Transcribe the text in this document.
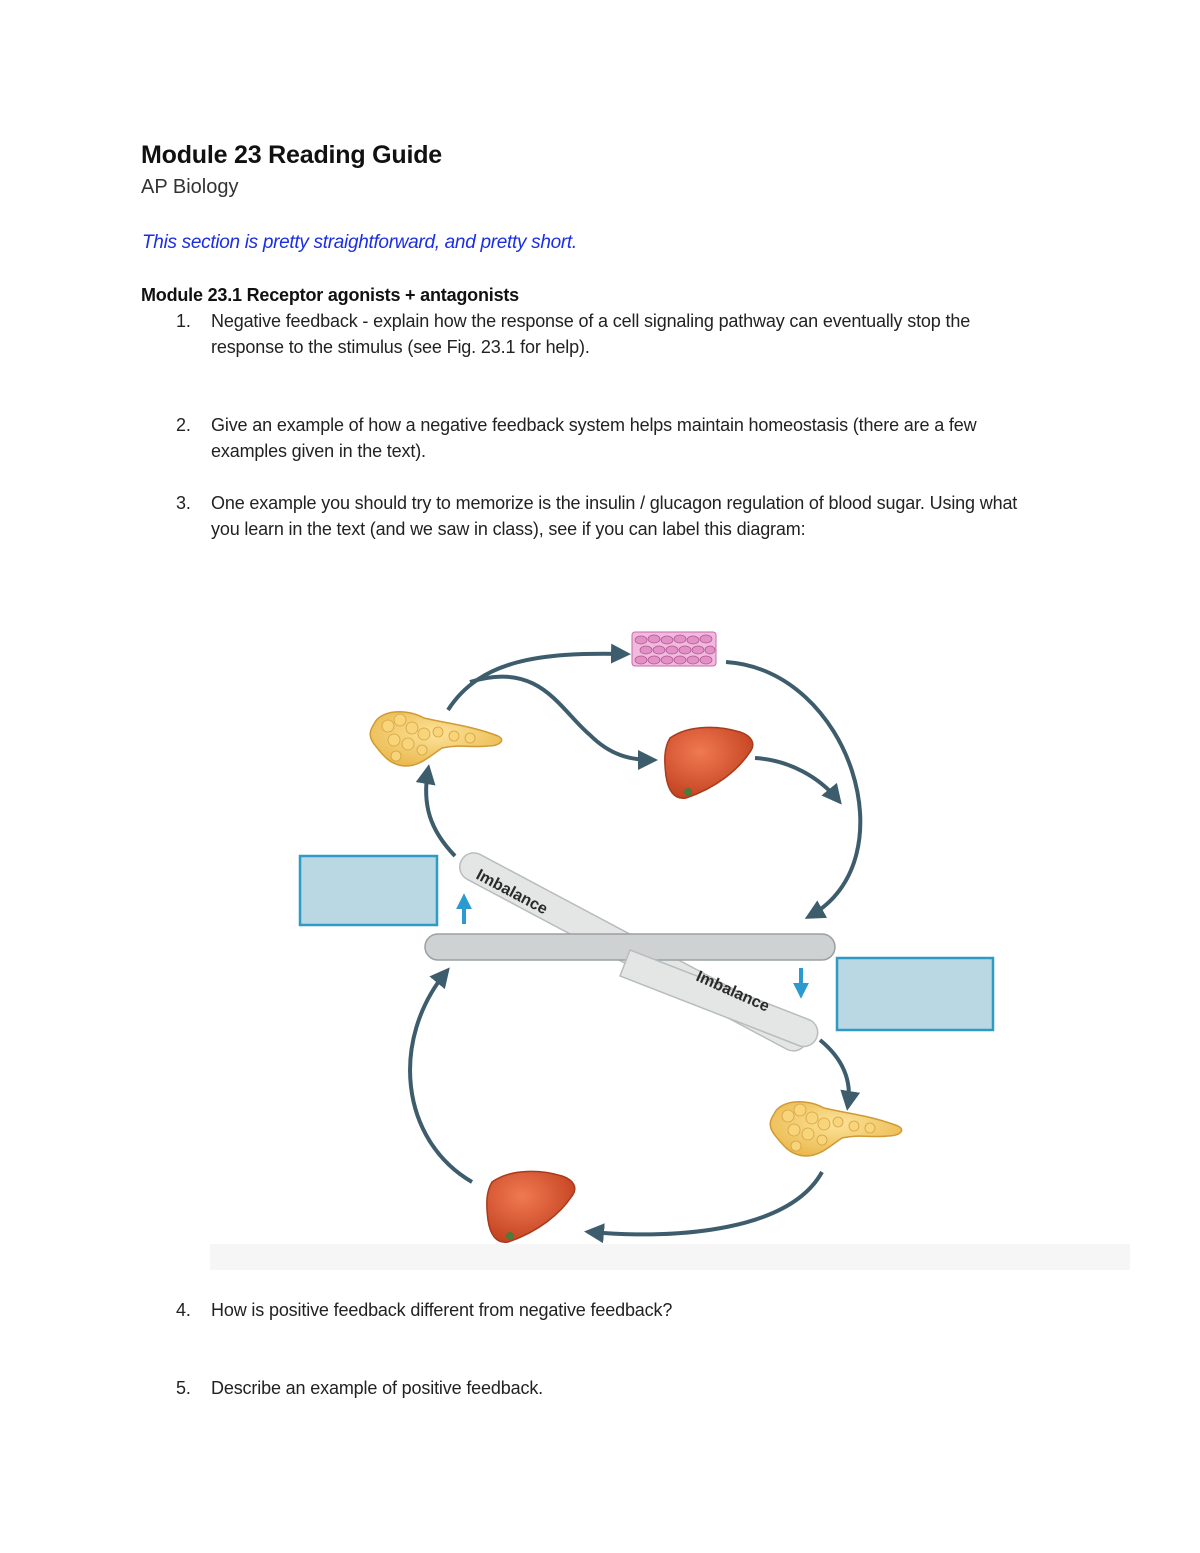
Module 23 Reading Guide

AP Biology

This section is pretty straightforward, and pretty short.

Module 23.1 Receptor agonists + antagonists
1. Negative feedback - explain how the response of a cell signaling pathway can eventually stop the response to the stimulus (see Fig. 23.1 for help).
2. Give an example of how a negative feedback system helps maintain homeostasis (there are a few examples given in the text).
3. One example you should try to memorize is the insulin / glucagon regulation of blood sugar. Using what you learn in the text (and we saw in class), see if you can label this diagram:
Imbalance
Imbalance
4. How is positive feedback different from negative feedback?
5. Describe an example of positive feedback.
